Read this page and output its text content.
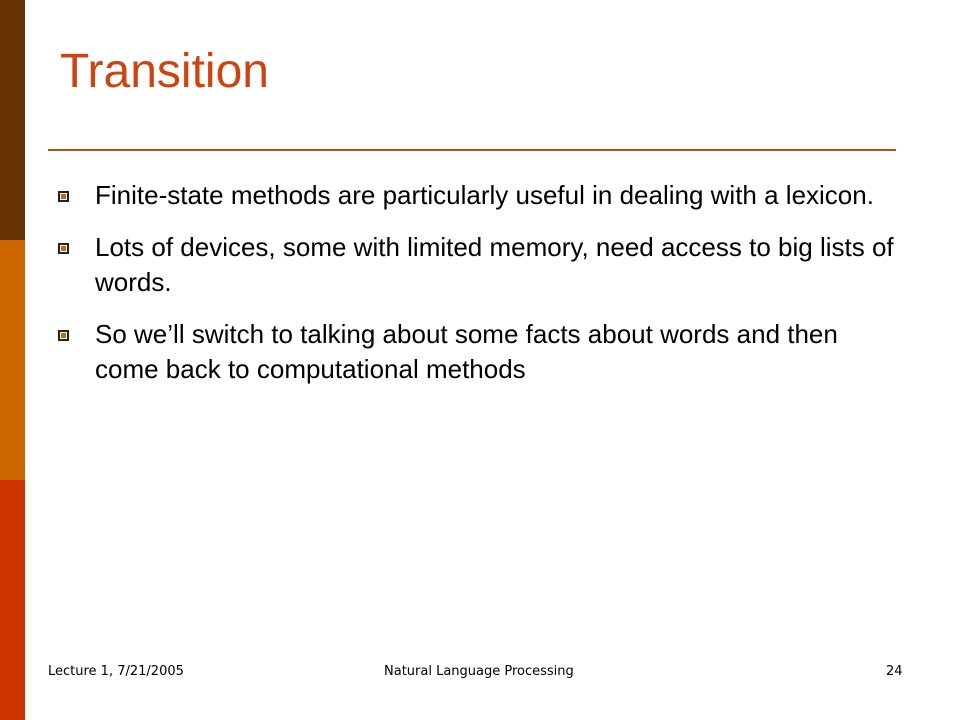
Transition
Finite-state methods are particularly useful in dealing with a lexicon.
Lots of devices, some with limited memory, need access to big lists of words.
So we’ll switch to talking about some facts about words and then come back to computational methods
Lecture 1, 7/21/2005	Natural Language Processing	24
